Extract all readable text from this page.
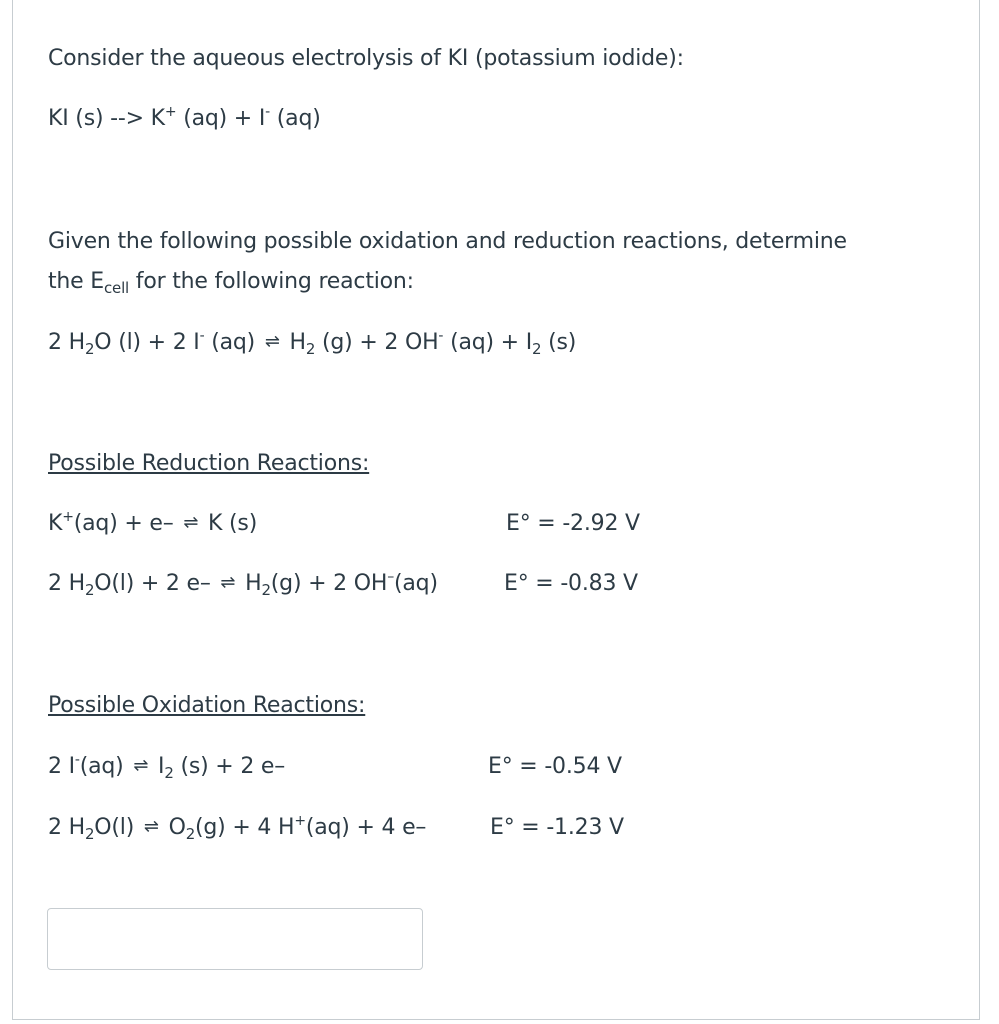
Consider the aqueous electrolysis of KI (potassium iodide):
KI (s) --> K+ (aq) + I- (aq)
Given the following possible oxidation and reduction reactions, determine
the $E_{cell}$ for the following reaction:
2 $H_2O$ (l) + 2 I- (aq) ⇌ $H_2$ (g) + 2 OH- $(aq) + I_2$ (s)
Possible Reduction Reactions:
K+(aq) + e– ⇌ K (s)	E° = -2.92 V
2 $H_2O(l) + 2$ e– ⇌ $H_2(g) + 2$ OH–(aq)	E° = -0.83 V
Possible Oxidation Reactions:
2 I-(aq) ⇌ $I_2$ (s) + 2 e–	E° = -0.54 V
2 $H_2O(l)$ ⇌ $O_2(g) + 4$ H+(aq) + 4 e–	E° = -1.23 V
